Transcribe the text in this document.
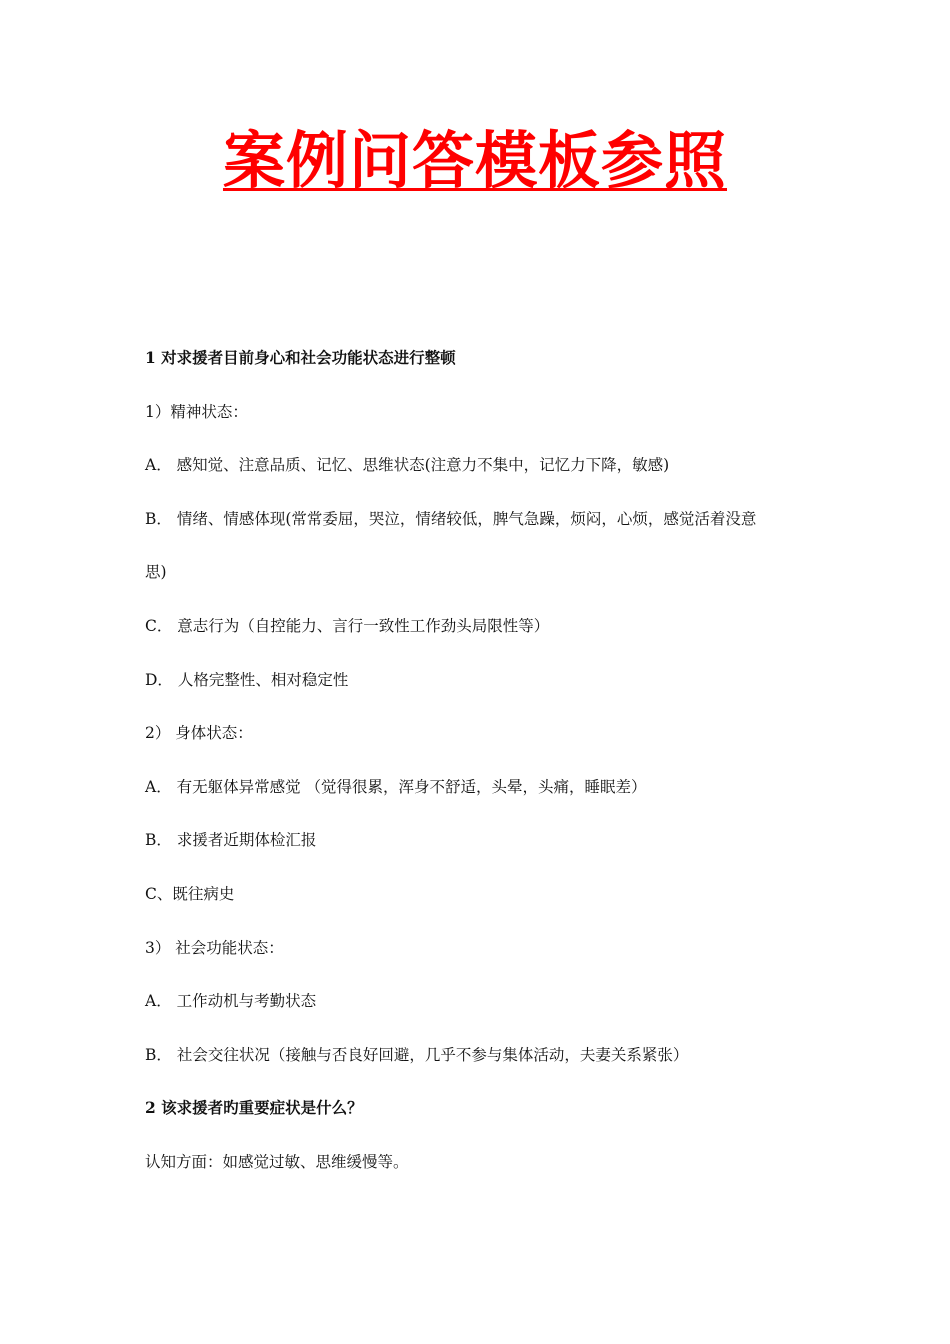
案例问答模板参照
1 对求援者目前身心和社会功能状态进行整顿
1）精神状态：
A． 感知觉、注意品质、记忆、思维状态(注意力不集中，记忆力下降，敏感)
B． 情绪、情感体现(常常委屈，哭泣，情绪较低，脾气急躁，烦闷，心烦，感觉活着没意
思)
C． 意志行为（自控能力、言行一致性工作劲头局限性等）
D． 人格完整性、相对稳定性
2） 身体状态：
A． 有无躯体异常感觉 （觉得很累，浑身不舒适，头晕，头痛，睡眠差）
B． 求援者近期体检汇报
C、既往病史
3） 社会功能状态：
A． 工作动机与考勤状态
B． 社会交往状况（接触与否良好回避，几乎不参与集体活动，夫妻关系紧张）
2 该求援者旳重要症状是什么？
认知方面：如感觉过敏、思维缓慢等。
